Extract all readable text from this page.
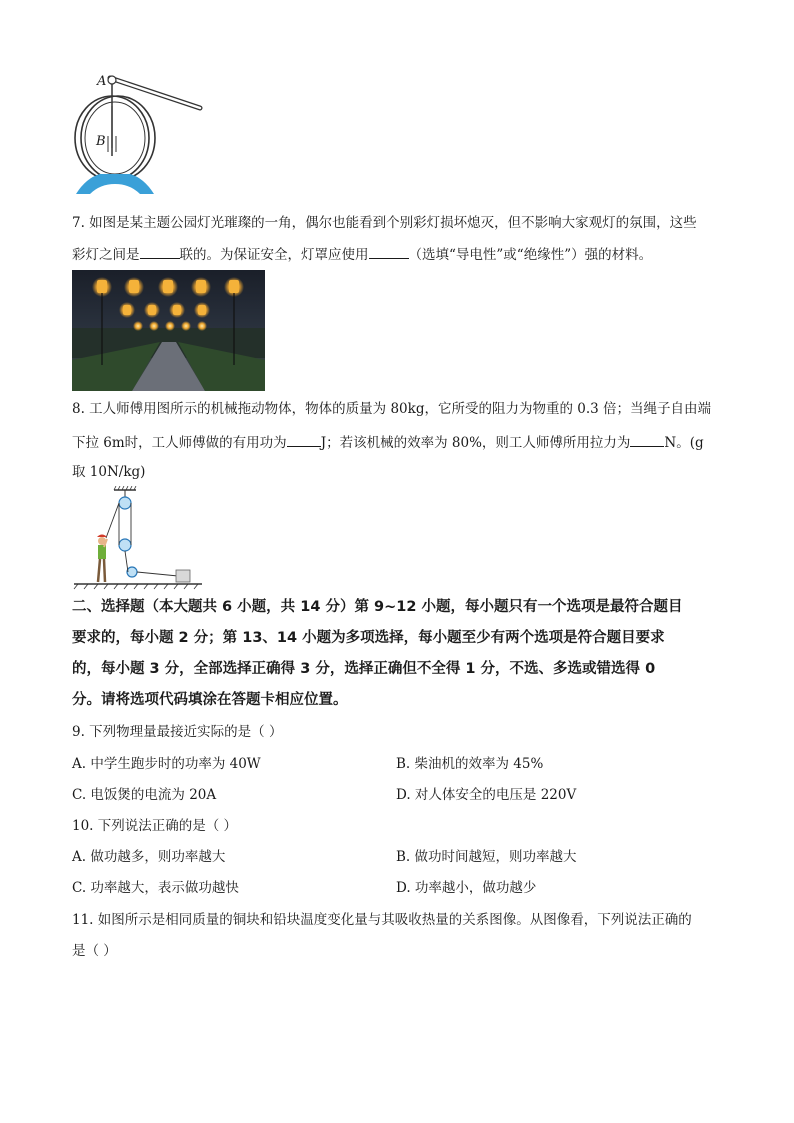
A
B
7. 如图是某主题公园灯光璀璨的一角，偶尔也能看到个别彩灯损坏熄灭，但不影响大家观灯的氛围，这些
彩灯之间是	联的。为保证安全，灯罩应使用	（选填“导电性”或“绝缘性”）强的材料。
8. 工人师傅用图所示的机械拖动物体，物体的质量为 80kg，它所受的阻力为物重的 0.3 倍；当绳子自由端
下拉 6m时，工人师傅做的有用功为	J；若该机械的效率为 80%，则工人师傅所用拉力为	N。(g
取 10N/kg)
二、选择题（本大题共 6 小题，共 14 分）第 9~12 小题，每小题只有一个选项是最符合题目
要求的，每小题 2 分；第 13、14 小题为多项选择，每小题至少有两个选项是符合题目要求
的，每小题 3 分，全部选择正确得 3 分，选择正确但不全得 1 分，不选、多选或错选得 0
分。请将选项代码填涂在答题卡相应位置。
9. 下列物理量最接近实际的是（ ）
A. 中学生跑步时的功率为 40W	B. 柴油机的效率为 45%
C. 电饭煲的电流为 20A	D. 对人体安全的电压是 220V
10. 下列说法正确的是（ ）
A. 做功越多，则功率越大	B. 做功时间越短，则功率越大
C. 功率越大，表示做功越快	D. 功率越小，做功越少
11. 如图所示是相同质量的铜块和铅块温度变化量与其吸收热量的关系图像。从图像看，下列说法正确的
是（ ）
